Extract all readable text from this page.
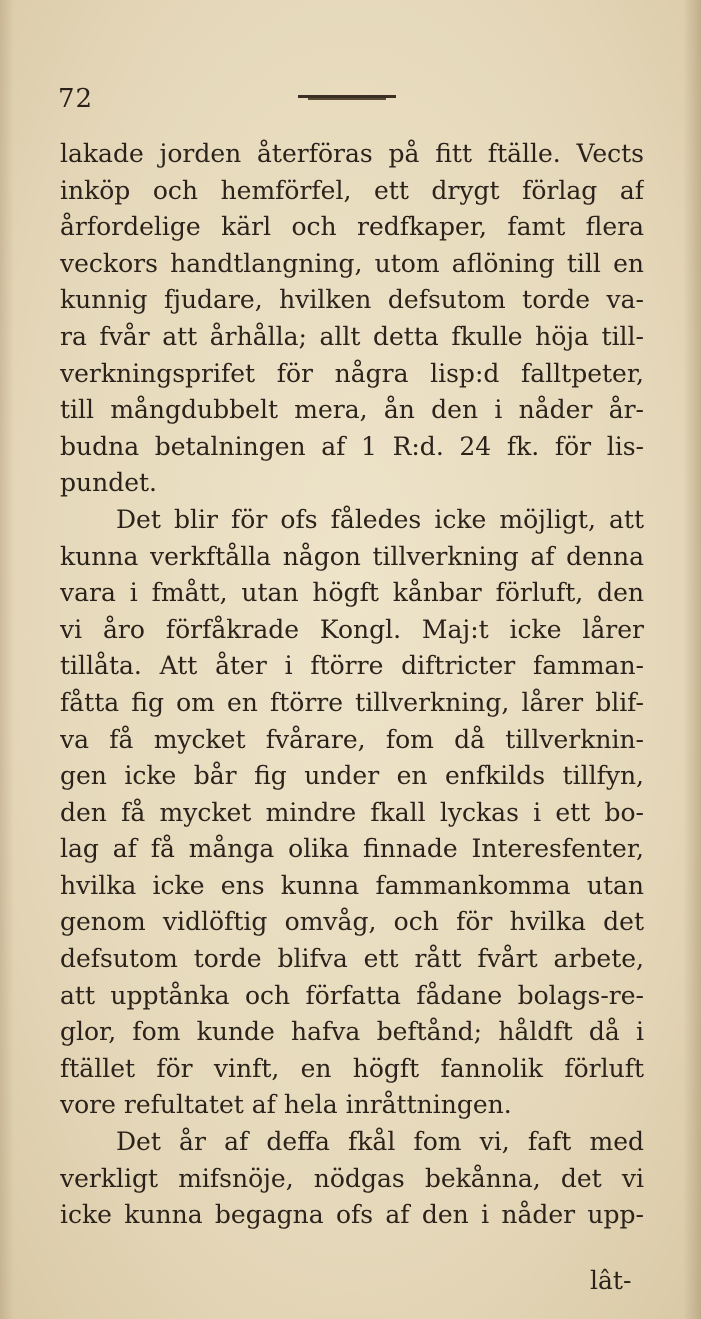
72
lakade jorden återföras på fitt ftälle. Vects
inköp och hemförfel, ett drygt förlag af
årfordelige kärl och redfkaper, famt flera
veckors handtlangning, utom aflöning till en
kunnig fjudare, hvilken defsutom torde va-
ra fvår att århålla; allt detta fkulle höja till-
verkningsprifet för några lisp:d falltpeter,
till mångdubbelt mera, ån den i nåder år-
budna betalningen af 1 R:d. 24 fk. för lis-
pundet.
Det blir för ofs fåledes icke möjligt, att
kunna verkftålla någon tillverkning af denna
vara i fmått, utan högft kånbar förluft, den
vi åro förfåkrade Kongl. Maj:t icke lårer
tillåta. Att åter i ftörre diftricter famman-
fåtta fig om en ftörre tillverkning, lårer blif-
va få mycket fvårare, fom då tillverknin-
gen icke bår fig under en enfkilds tillfyn,
den få mycket mindre fkall lyckas i ett bo-
lag af få många olika finnade Interesfenter,
hvilka icke ens kunna fammankomma utan
genom vidlöftig omvåg, och för hvilka det
defsutom torde blifva ett rått fvårt arbete,
att upptånka och författa fådane bolags-re-
glor, fom kunde hafva beftånd; håldft då i
ftället för vinft, en högft fannolik förluft
vore refultatet af hela inråttningen.
Det år af deffa fkål fom vi, faft med
verkligt mifsnöje, nödgas bekånna, det vi
icke kunna begagna ofs af den i nåder upp-
lât-
